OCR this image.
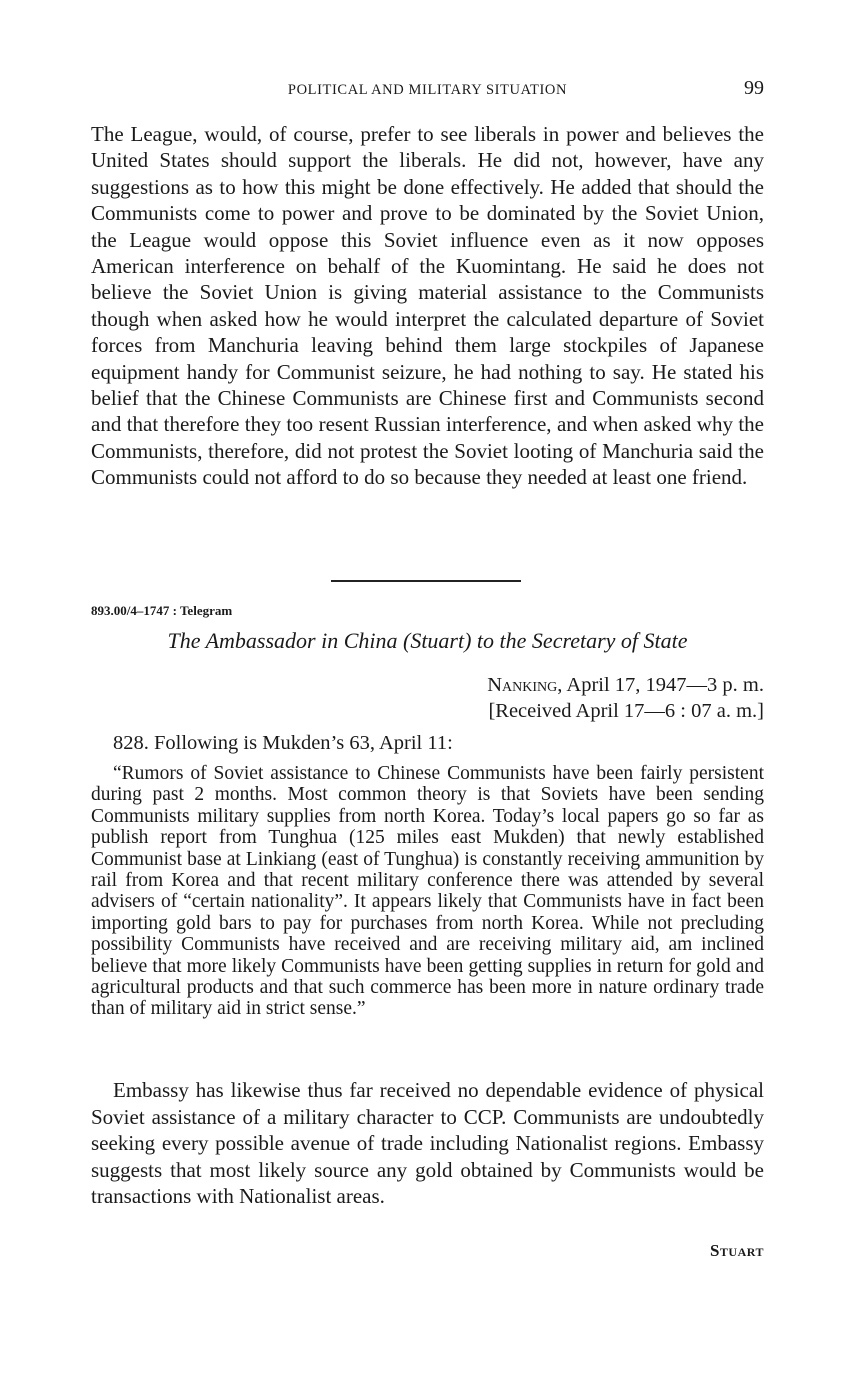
POLITICAL AND MILITARY SITUATION	99

The League, would, of course, prefer to see liberals in power and believes the United States should support the liberals. He did not, however, have any suggestions as to how this might be done effectively. He added that should the Communists come to power and prove to be dominated by the Soviet Union, the League would oppose this Soviet influence even as it now opposes American interference on behalf of the Kuomintang. He said he does not believe the Soviet Union is giving material assistance to the Communists though when asked how he would interpret the calculated departure of Soviet forces from Manchuria leaving behind them large stockpiles of Japanese equipment handy for Communist seizure, he had nothing to say. He stated his belief that the Chinese Communists are Chinese first and Communists second and that therefore they too resent Russian interference, and when asked why the Communists, therefore, did not protest the Soviet looting of Manchuria said the Communists could not afford to do so because they needed at least one friend.

893.00/4–1747 : Telegram
The Ambassador in China (Stuart) to the Secretary of State
Nanking, April 17, 1947—3 p. m.
[Received April 17—6 : 07 a. m.]
828. Following is Mukden’s 63, April 11:

“Rumors of Soviet assistance to Chinese Communists have been fairly persistent during past 2 months. Most common theory is that Soviets have been sending Communists military supplies from north Korea. Today’s local papers go so far as publish report from Tunghua (125 miles east Mukden) that newly established Communist base at Linkiang (east of Tunghua) is constantly receiving ammunition by rail from Korea and that recent military conference there was attended by several advisers of “certain nationality”. It appears likely that Communists have in fact been importing gold bars to pay for purchases from north Korea. While not precluding possibility Communists have received and are receiving military aid, am inclined believe that more likely Communists have been getting supplies in return for gold and agricultural products and that such commerce has been more in nature ordinary trade than of military aid in strict sense.”

Embassy has likewise thus far received no dependable evidence of physical Soviet assistance of a military character to CCP. Communists are undoubtedly seeking every possible avenue of trade including Nationalist regions. Embassy suggests that most likely source any gold obtained by Communists would be transactions with Nationalist areas.

Stuart
